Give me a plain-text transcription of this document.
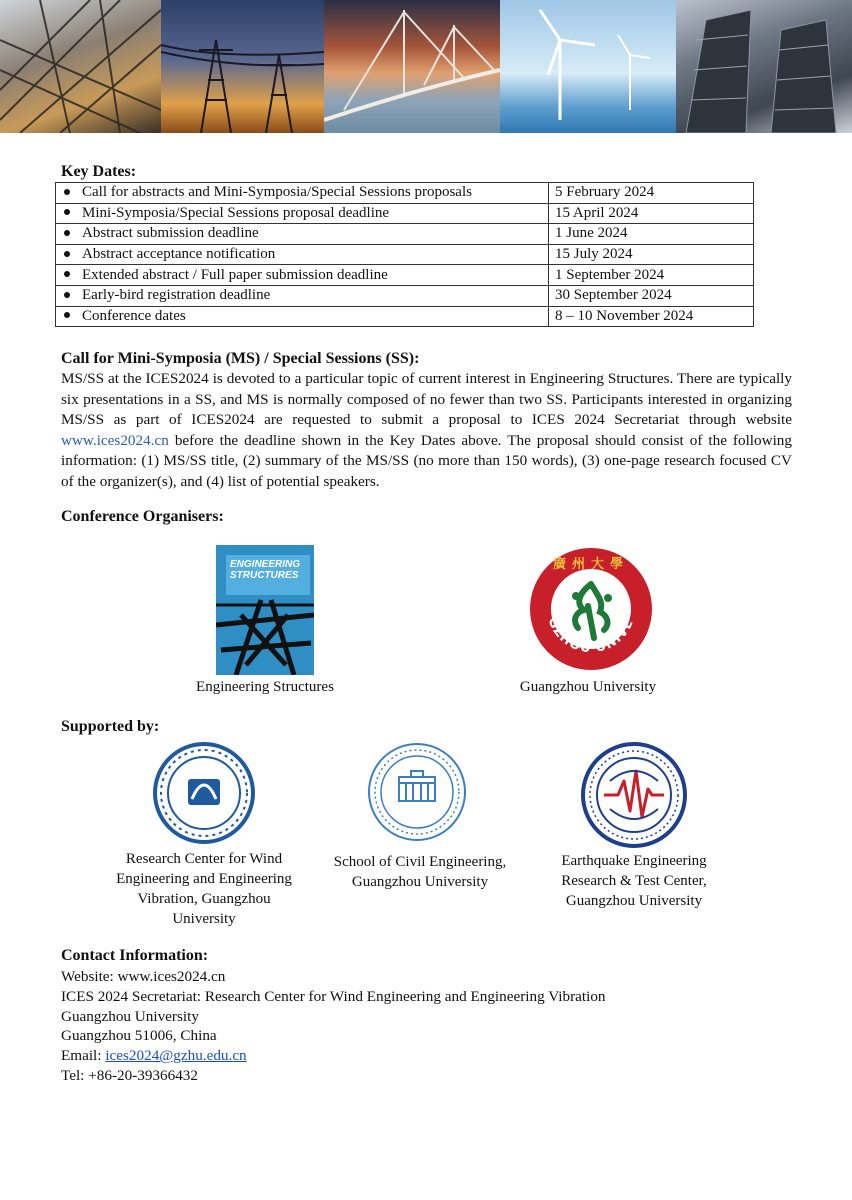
Key Dates:
Call for abstracts and Mini-Symposia/Special Sessions proposals	5 February 2024
Mini-Symposia/Special Sessions proposal deadline	15 April 2024
Abstract submission deadline	1 June 2024
Abstract acceptance notification	15 July 2024
Extended abstract / Full paper submission deadline	1 September 2024
Early-bird registration deadline	30 September 2024
Conference dates	8 – 10 November 2024
Call for Mini-Symposia (MS) / Special Sessions (SS):
MS/SS at the ICES2024 is devoted to a particular topic of current interest in Engineering Structures. There are typically six presentations in a SS, and MS is normally composed of no fewer than two SS. Participants interested in organizing MS/SS as part of ICES2024 are requested to submit a proposal to ICES 2024 Secretariat through website www.ices2024.cn before the deadline shown in the Key Dates above. The proposal should consist of the following information: (1) MS/SS title, (2) summary of the MS/SS (no more than 150 words), (3) one-page research focused CV of the organizer(s), and (4) list of potential speakers.
Conference Organisers:
ENGINEERING STRUCTURES
Engineering Structures
GZHOU UNIVE
廣州大學
Guangzhou University
Supported by:
Research Center for Wind Engineering and Engineering Vibration, Guangzhou University
School of Civil Engineering, Guangzhou University
Earthquake Engineering Research & Test Center, Guangzhou University
Contact Information:
Website: www.ices2024.cn
ICES 2024 Secretariat: Research Center for Wind Engineering and Engineering Vibration
Guangzhou University
Guangzhou 51006, China
Email: ices2024@gzhu.edu.cn
Tel: +86-20-39366432
